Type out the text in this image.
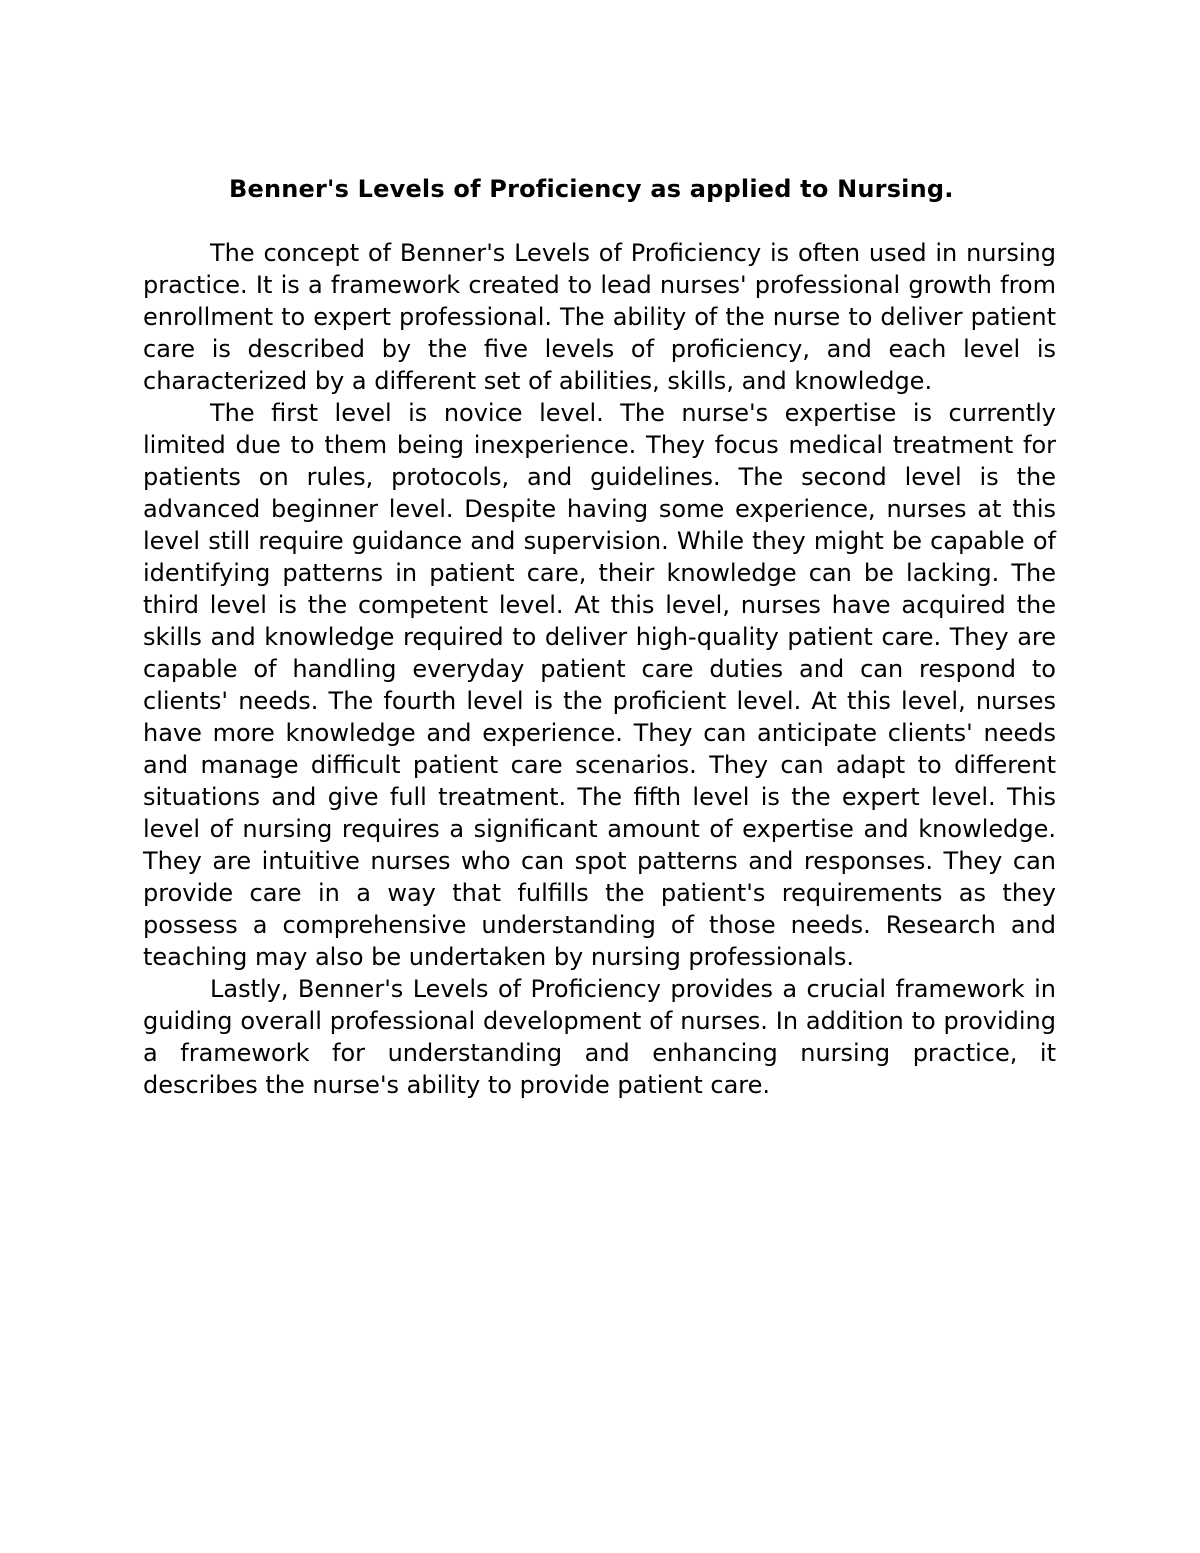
Benner's Levels of Proficiency as applied to Nursing.

The concept of Benner's Levels of Proficiency is often used in nursing practice. It is a framework created to lead nurses' professional growth from enrollment to expert professional. The ability of the nurse to deliver patient care is described by the five levels of proficiency, and each level is characterized by a different set of abilities, skills, and knowledge.

The first level is novice level. The nurse's expertise is currently limited due to them being inexperience. They focus medical treatment for patients on rules, protocols, and guidelines. The second level is the advanced beginner level. Despite having some experience, nurses at this level still require guidance and supervision. While they might be capable of identifying patterns in patient care, their knowledge can be lacking. The third level is the competent level. At this level, nurses have acquired the skills and knowledge required to deliver high-quality patient care. They are capable of handling everyday patient care duties and can respond to clients' needs. The fourth level is the proficient level. At this level, nurses have more knowledge and experience. They can anticipate clients' needs and manage difficult patient care scenarios. They can adapt to different situations and give full treatment. The fifth level is the expert level. This level of nursing requires a significant amount of expertise and knowledge. They are intuitive nurses who can spot patterns and responses. They can provide care in a way that fulfills the patient's requirements as they possess a comprehensive understanding of those needs. Research and teaching may also be undertaken by nursing professionals.

Lastly, Benner's Levels of Proficiency provides a crucial framework in guiding overall professional development of nurses. In addition to providing a framework for understanding and enhancing nursing practice, it describes the nurse's ability to provide patient care.
